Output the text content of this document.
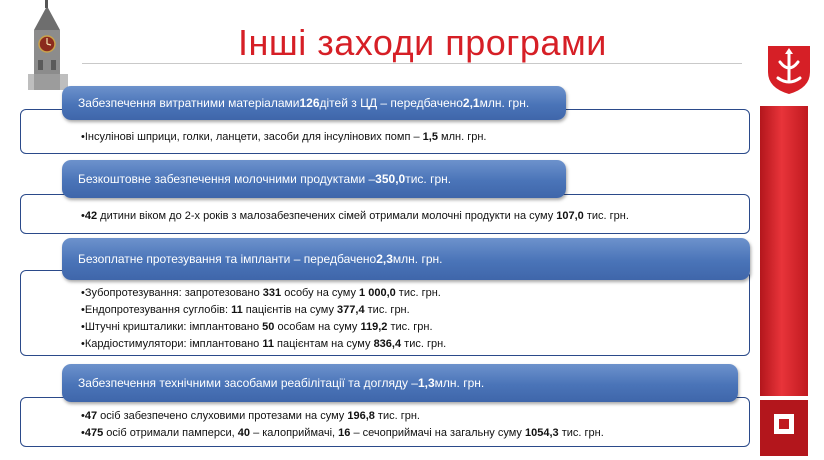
Інші заходи програми
•Інсулінові шприци, голки, ланцети, засоби для інсулінових помп – 1,5 млн. грн.
Забезпечення витратними матеріалами 126 дітей з ЦД – передбачено 2,1 млн. грн.
•42 дитини віком до 2-х років з малозабезпечених сімей отримали молочні продукти на суму 107,0 тис. грн.
Безкоштовне забезпечення молочними продуктами – 350,0 тис. грн.
•Зубопротезування: запротезовано 331 особу на суму 1 000,0 тис. грн.
•Ендопротезування суглобів: 11 пацієнтів на суму 377,4 тис. грн.
•Штучні кришталики: імплантовано 50 особам на суму 119,2 тис. грн.
•Кардіостимулятори: імплантовано 11 пацієнтам на суму 836,4 тис. грн.
Безоплатне протезування та імпланти – передбачено 2,3 млн. грн.
•47 осіб забезпечено слуховими протезами на суму 196,8 тис. грн.
•475 осіб отримали памперси, 40 – калоприймачі, 16 – сечоприймачі на загальну суму 1054,3 тис. грн.
Забезпечення технічними засобами реабілітації та догляду – 1,3 млн. грн.
